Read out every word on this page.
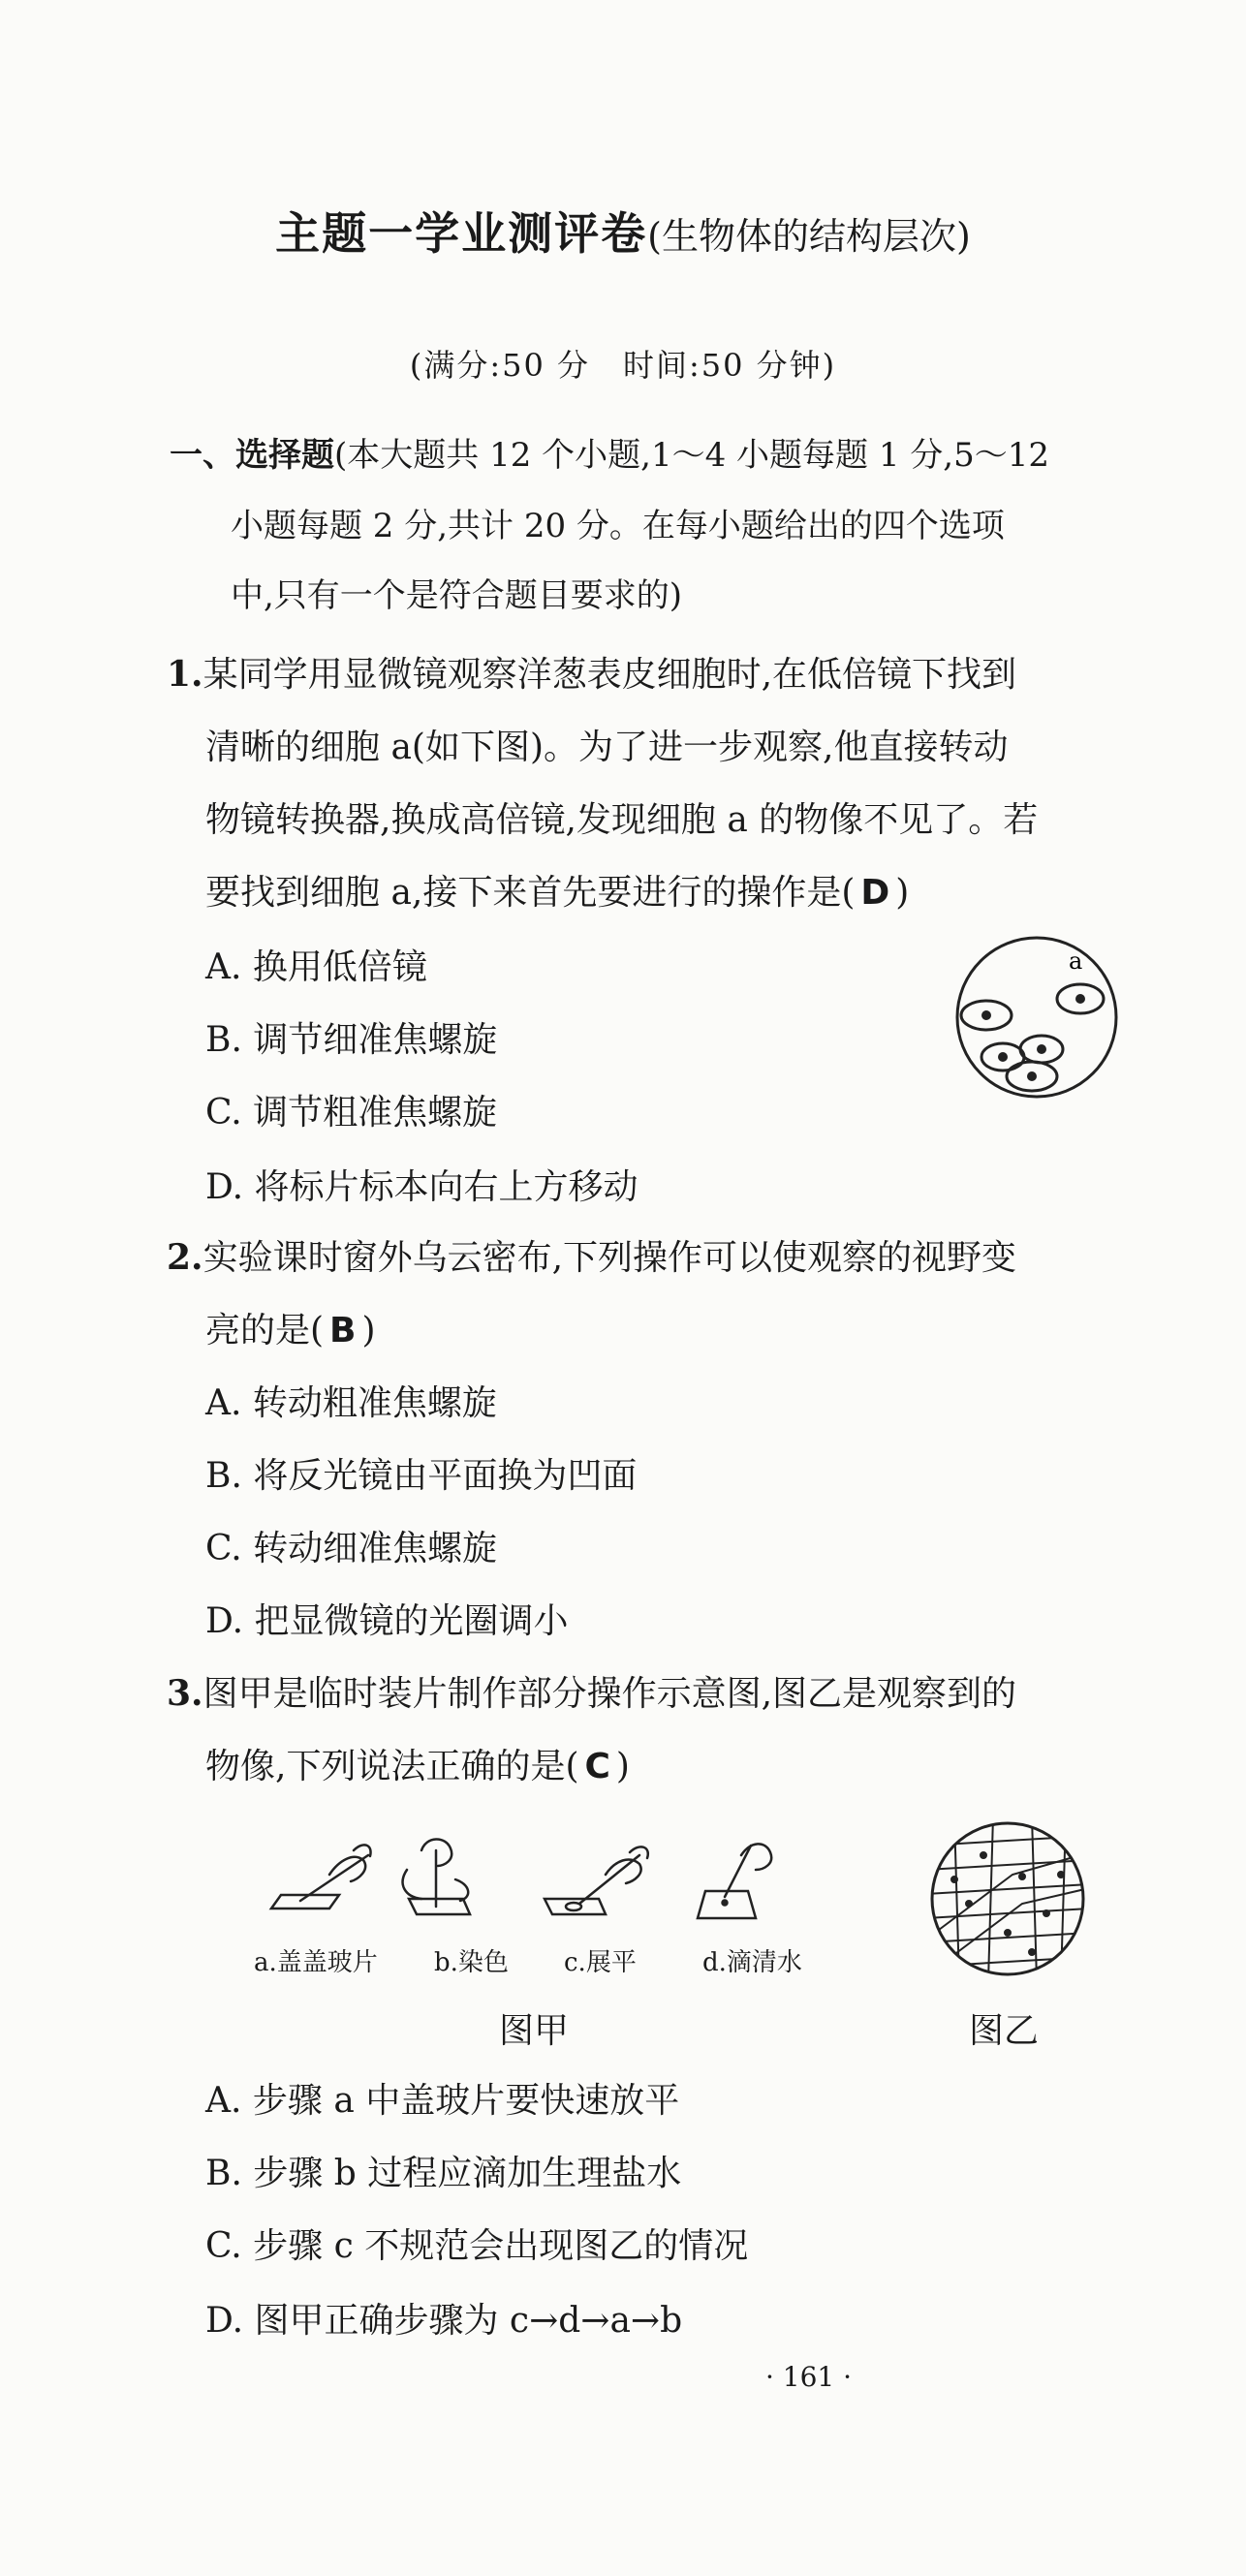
主题一学业测评卷(生物体的结构层次)
(满分:50 分　时间:50 分钟)
一、选择题(本大题共 12 个小题,1～4 小题每题 1 分,5～12
小题每题 2 分,共计 20 分。在每小题给出的四个选项
中,只有一个是符合题目要求的)
1.某同学用显微镜观察洋葱表皮细胞时,在低倍镜下找到
清晰的细胞 a(如下图)。为了进一步观察,他直接转动
物镜转换器,换成高倍镜,发现细胞 a 的物像不见了。若
要找到细胞 a,接下来首先要进行的操作是( D )
A. 换用低倍镜
B. 调节细准焦螺旋
C. 调节粗准焦螺旋
D. 将标片标本向右上方移动
a
2.实验课时窗外乌云密布,下列操作可以使观察的视野变
亮的是( B )
A. 转动粗准焦螺旋
B. 将反光镜由平面换为凹面
C. 转动细准焦螺旋
D. 把显微镜的光圈调小
3.图甲是临时装片制作部分操作示意图,图乙是观察到的
物像,下列说法正确的是( C )
a.盖盖玻片 b.染色 c.展平	d.滴清水
图甲	图乙
A. 步骤 a 中盖玻片要快速放平
B. 步骤 b 过程应滴加生理盐水
C. 步骤 c 不规范会出现图乙的情况
D. 图甲正确步骤为 c→d→a→b
· 161 ·
